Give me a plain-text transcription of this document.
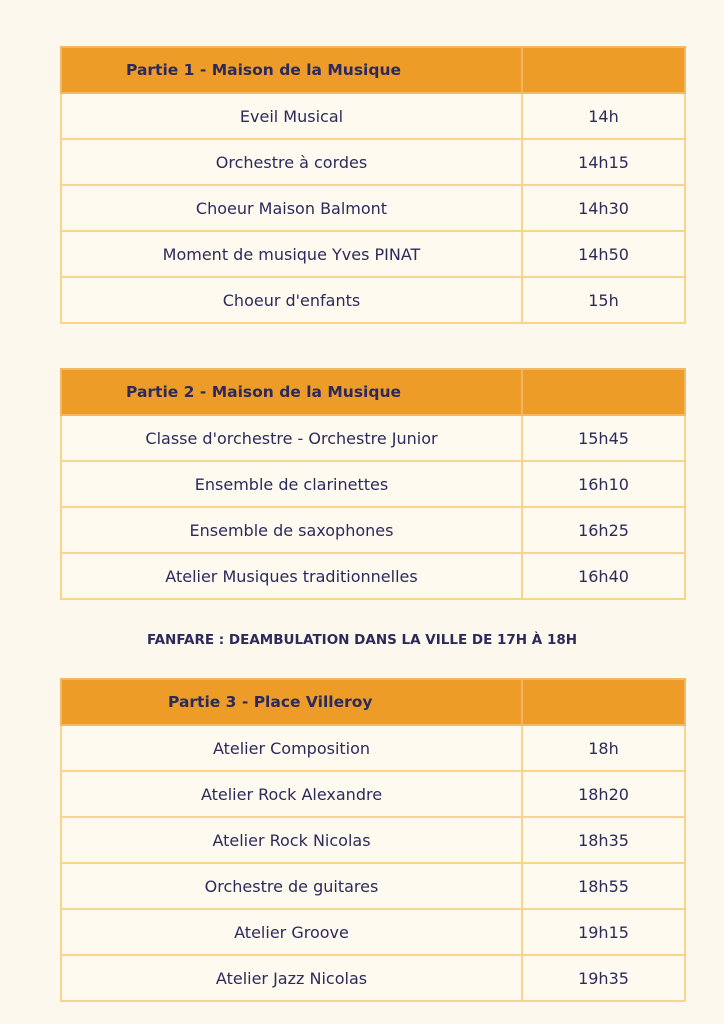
Partie 1 - Maison de la Musique	
Eveil Musical	14h
Orchestre à cordes	14h15
Choeur Maison Balmont	14h30
Moment de musique Yves PINAT	14h50
Choeur d'enfants	15h
Partie 2 - Maison de la Musique	
Classe d'orchestre - Orchestre Junior	15h45
Ensemble de clarinettes	16h10
Ensemble de saxophones	16h25
Atelier Musiques traditionnelles	16h40
FANFARE : DEAMBULATION DANS LA VILLE DE 17H À 18H
Partie 3 - Place Villeroy	
Atelier Composition	18h
Atelier Rock Alexandre	18h20
Atelier Rock Nicolas	18h35
Orchestre de guitares	18h55
Atelier Groove	19h15
Atelier Jazz Nicolas	19h35
